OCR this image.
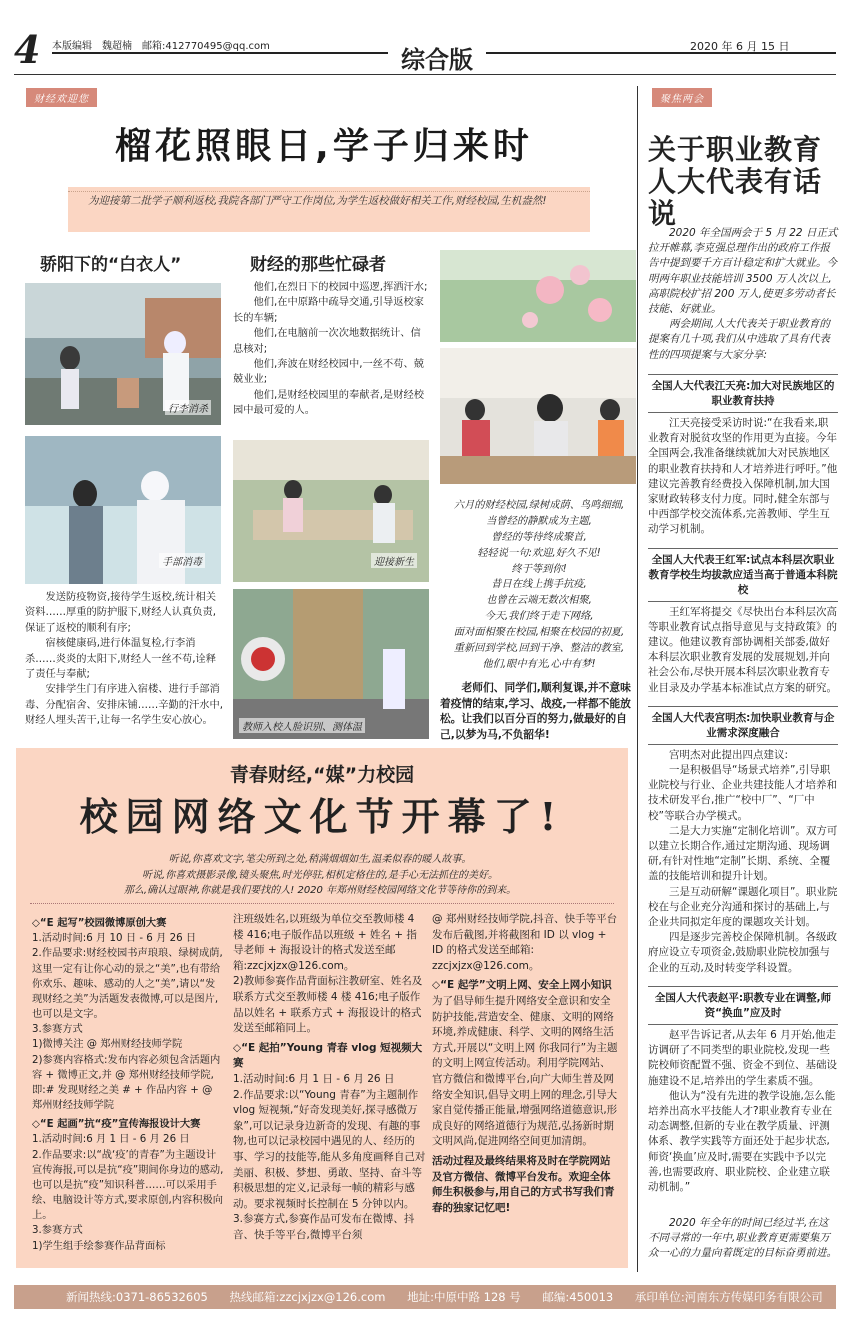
4 本版编辑 魏超楠 邮箱:412770495@qq.com	综合版	2020 年 6 月 15 日
财经欢迎您	聚焦两会
榴花照眼日,学子归来时
为迎接第二批学子顺利返校,我院各部门严守工作岗位,为学生返校做好相关工作,财经校园,生机盎然!
骄阳下的“白衣人”	财经的那些忙碌者
行李消杀
手部消毒

发送防疫物资,接待学生返校,统计相关资料……厚重的防护服下,财经人认真负责,保证了返校的顺利有序;

宿核健康码,进行体温复检,行李消杀……炎炎的太阳下,财经人一丝不苟,诠释了责任与奉献;

安排学生门有序进入宿楼、进行手部消毒、分配宿舍、安排床铺……辛勤的汗水中,财经人埋头苦干,让每一名学生安心放心。

他们,在烈日下的校园中巡逻,挥洒汗水;

他们,在中原路中疏导交通,引导返校家长的车辆;

他们,在电脑前一次次地数据统计、信息核对;

他们,奔波在财经校园中,一丝不苟、兢兢业业;

他们,是财经校园里的奉献者,是财经校园中最可爱的人。

迎接新生
教师入校人脸识别、测体温
六月的财经校园,绿树成荫、鸟鸣细细,
当曾经的静默成为主题,
曾经的等待终成聚首,
轻轻说一句:欢迎,好久不见!
终于等到你!
昔日在线上携手抗疫,
也曾在云端无数次相聚,
今天,我们终于走下网络,
面对面相聚在校园,相聚在校园的初夏,
重新回到学校,回到干净、整洁的教室,
他们,眼中有光,心中有梦!
老师们、同学们,顺利复课,并不意味着疫情的结束,学习、战疫,一样都不能放松。让我们以百分百的努力,做最好的自己,以梦为马,不负韶华!
青春财经,“媒”力校园
校园网络文化节开幕了!
听说,你喜欢文字,笔尖所到之处,稍满烟烟如生,温柔似春的暖人故事。
听说,你喜欢摄影录像,镜头聚焦,时光停驻,相机定格住的,是手心无法抓住的美好。
那么,确认过眼神,你就是我们要找的人! 2020 年郑州财经校园网络文化节等待你的到来。
◇“E 起写”校园微博原创大赛
1.活动时间:6 月 10 日 - 6 月 26 日
2.作品要求:财经校园书声琅琅、绿树成荫,这里一定有让你心动的景之“美”,也有带给你欢乐、趣味、感动的人之“美”,请以“发现财经之美”为活题发表微博,可以是图片,也可以是文字。
3.参赛方式
1)微博关注 @ 郑州财经技师学院
2)参赛内容格式:发布内容必须包含活题内容 + 微博正文,并 @ 郑州财经技师学院,即:# 发现财经之美 # + 作品内容 + @ 郑州财经技师学院
◇“E 起画”抗“疫”宣传海报设计大赛
1.活动时间:6 月 1 日 - 6 月 26 日
2.作品要求:以“战‘疫’的青春”为主题设计宣传海报,可以是抗“疫”期间你身边的感动,也可以是抗“疫”知识科普……可以采用手绘、电脑设计等方式,要求原创,内容积极向上。
3.参赛方式
1)学生组手绘参赛作品背面标
注班级姓名,以班级为单位交至教师楼 4 楼 416;电子版作品以班级 + 姓名 + 指导老师 + 海报设计的格式发送至邮箱:zzcjxjzx@126.com。
2)教师参赛作品背面标注教研室、姓名及联系方式交至教师楼 4 楼 416;电子版作品以姓名 + 联系方式 + 海报设计的格式发送至邮箱同上。
◇“E 起拍”Young 青春 vlog 短视频大赛
1.活动时间:6 月 1 日 - 6 月 26 日
2.作品要求:以“Young 青春”为主题制作 vlog 短视频,“好奇发现美好,探寻感微万象”,可以记录身边新奇的发现、有趣的事物,也可以记录校园中遇见的人、经历的事、学习的技能等,能从多角度画释自己对美丽、积极、梦想、勇敢、坚持、奋斗等积极思想的定义,记录每一帧的精彩与感动。要求视频时长控制在 5 分钟以内。
3.参赛方式,参赛作品可发布在微博、抖音、快手等平台,微博平台须
@ 郑州财经技师学院,抖音、快手等平台发布后截图,并将截图和 ID 以 vlog + ID 的格式发送至邮箱: zzcjxjzx@126.com。
◇“E 起学”文明上网、安全上网小知识
为了倡导师生提升网络安全意识和安全防护技能,营造安全、健康、文明的网络环境,养成健康、科学、文明的网络生活方式,开展以“文明上网 你我同行”为主题的文明上网宣传活动。利用学院网站、官方微信和微博平台,向广大师生普及网络安全知识,倡导文明上网的理念,引导大家自觉传播正能量,增强网络道德意识,形成良好的网络道德行为规范,弘扬新时期文明风尚,促进网络空间更加清朗。
活动过程及最终结果将及时在学院网站及官方微信、微博平台发布。欢迎全体师生积极参与,用自己的方式书写我们青春的独家记忆吧!
关于职业教育
人大代表有话说
2020 年全国两会于 5 月 22 日正式拉开帷幕,李克强总理作出的政府工作报告中提到要千方百计稳定和扩大就业。今明两年职业技能培训 3500 万人次以上,高职院校扩招 200 万人,使更多劳动者长技能、好就业。
两会期间,人大代表关于职业教育的提案有几十项,我们从中选取了具有代表性的四项提案与大家分享:
全国人大代表江天亮:加大对民族地区的职业教育扶持
江天亮接受采访时说:“在我看来,职业教育对脱贫攻坚的作用更为直接。今年全国两会,我准备继续就加大对民族地区的职业教育扶持和人才培养进行呼吁。”他建议完善教育经费投入保障机制,加大国家财政转移支付力度。同时,健全东部与中西部学校交流体系,完善教师、学生互动学习机制。
全国人大代表王红军:试点本科层次职业教育学校生均拔款应适当高于普通本科院校
王红军将提交《尽快出台本科层次高等职业教育试点指导意见与支持政策》的建议。他建议教育部协调相关部委,做好本科层次职业教育发展的发展规划,并向社会公布,尽快开展本科层次职业教育专业目录及办学基本标准试点方案的研究。
全国人大代表宫明杰:加快职业教育与企业需求深度融合
宫明杰对此提出四点建议:
一是积极倡导“场景式培养”,引导职业院校与行业、企业共建技能人才培养和技术研发平台,推广“校中厂”、“厂中校”等联合办学模式。
二是大力实施“定制化培训”。双方可以建立长期合作,通过定期沟通、现场调研,有针对性地“定制”长期、系统、全覆盖的技能培训和提升计划。
三是互动研解“课题化项目”。职业院校在与企业充分沟通和探讨的基础上,与企业共同拟定年度的课题攻关计划。
四是逐步完善校企保障机制。各级政府应设立专项资金,鼓励职业院校加强与企业的互动,及时转变学科设置。
全国人大代表赵平:职教专业在调整,师资“换血”应及时
赵平告诉记者,从去年 6 月开始,他走访调研了不同类型的职业院校,发现一些院校师资配置不强、资金不到位、基础设施建设不足,培养出的学生素质不强。
他认为“没有先进的教学设施,怎么能培养出高水平技能人才?职业教育专业在动态调整,但新的专业在教学质量、评测体系、教学实践等方面还处于起步状态,师资‘换血’应及时,需要在实践中予以完善,也需要政府、职业院校、企业建立联动机制。”
2020 年全年的时间已经过半,在这不同寻常的一年中,职业教育更需要集万众一心的力量向着既定的目标奋勇前进。
新闻热线:0371-86532605 热线邮箱:zzcjxjzx@126.com 地址:中原中路 128 号 邮编:450013 承印单位:河南东方传媒印务有限公司
